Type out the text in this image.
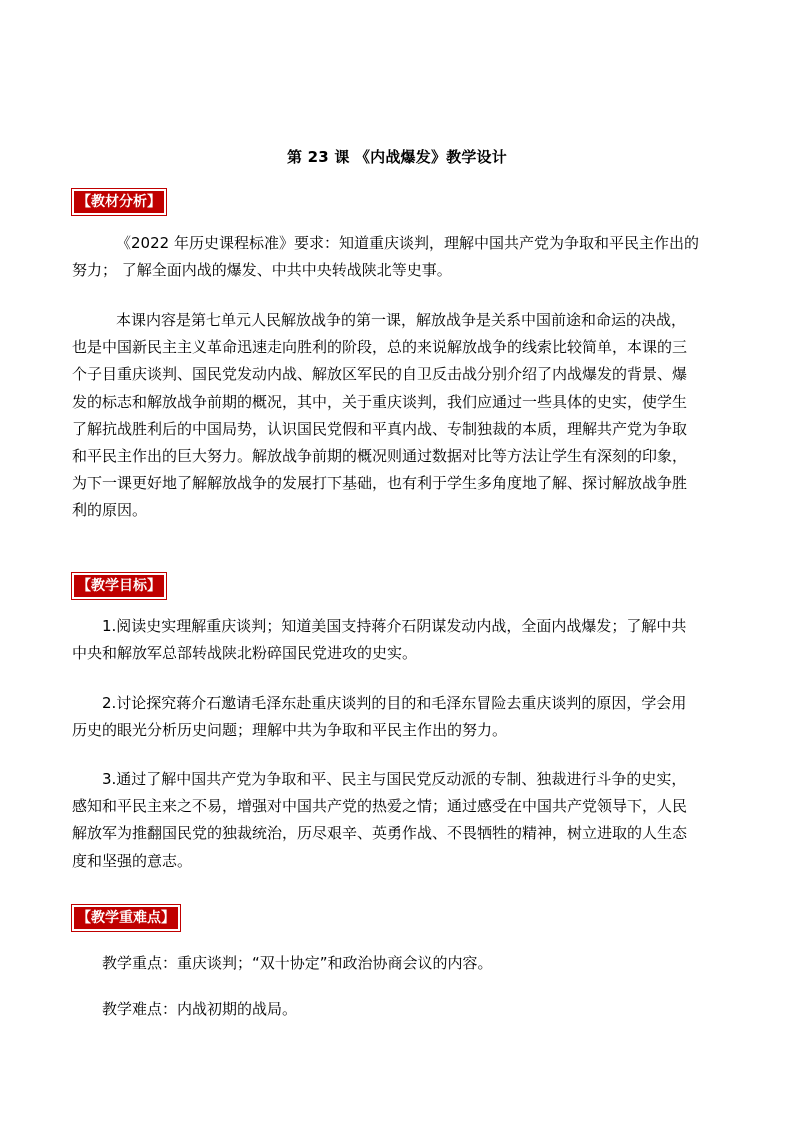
第 23 课 《内战爆发》教学设计
【教材分析】
《2022 年历史课程标准》要求：知道重庆谈判，理解中国共产党为争取和平民主作出的
努力； 了解全面内战的爆发、中共中央转战陕北等史事。
本课内容是第七单元人民解放战争的第一课，解放战争是关系中国前途和命运的决战，
也是中国新民主主义革命迅速走向胜利的阶段，总的来说解放战争的线索比较简单，本课的三
个子目重庆谈判、国民党发动内战、解放区军民的自卫反击战分别介绍了内战爆发的背景、爆
发的标志和解放战争前期的概况，其中，关于重庆谈判，我们应通过一些具体的史实，使学生
了解抗战胜利后的中国局势，认识国民党假和平真内战、专制独裁的本质，理解共产党为争取
和平民主作出的巨大努力。解放战争前期的概况则通过数据对比等方法让学生有深刻的印象，
为下一课更好地了解解放战争的发展打下基础，也有利于学生多角度地了解、探讨解放战争胜
利的原因。
【教学目标】
1.阅读史实理解重庆谈判；知道美国支持蒋介石阴谋发动内战，全面内战爆发；了解中共
中央和解放军总部转战陕北粉碎国民党进攻的史实。
2.讨论探究蒋介石邀请毛泽东赴重庆谈判的目的和毛泽东冒险去重庆谈判的原因，学会用
历史的眼光分析历史问题；理解中共为争取和平民主作出的努力。
3.通过了解中国共产党为争取和平、民主与国民党反动派的专制、独裁进行斗争的史实，
感知和平民主来之不易，增强对中国共产党的热爱之情；通过感受在中国共产党领导下，人民
解放军为推翻国民党的独裁统治，历尽艰辛、英勇作战、不畏牺牲的精神，树立进取的人生态
度和坚强的意志。
【教学重难点】
教学重点：重庆谈判；“双十协定”和政治协商会议的内容。
教学难点：内战初期的战局。
